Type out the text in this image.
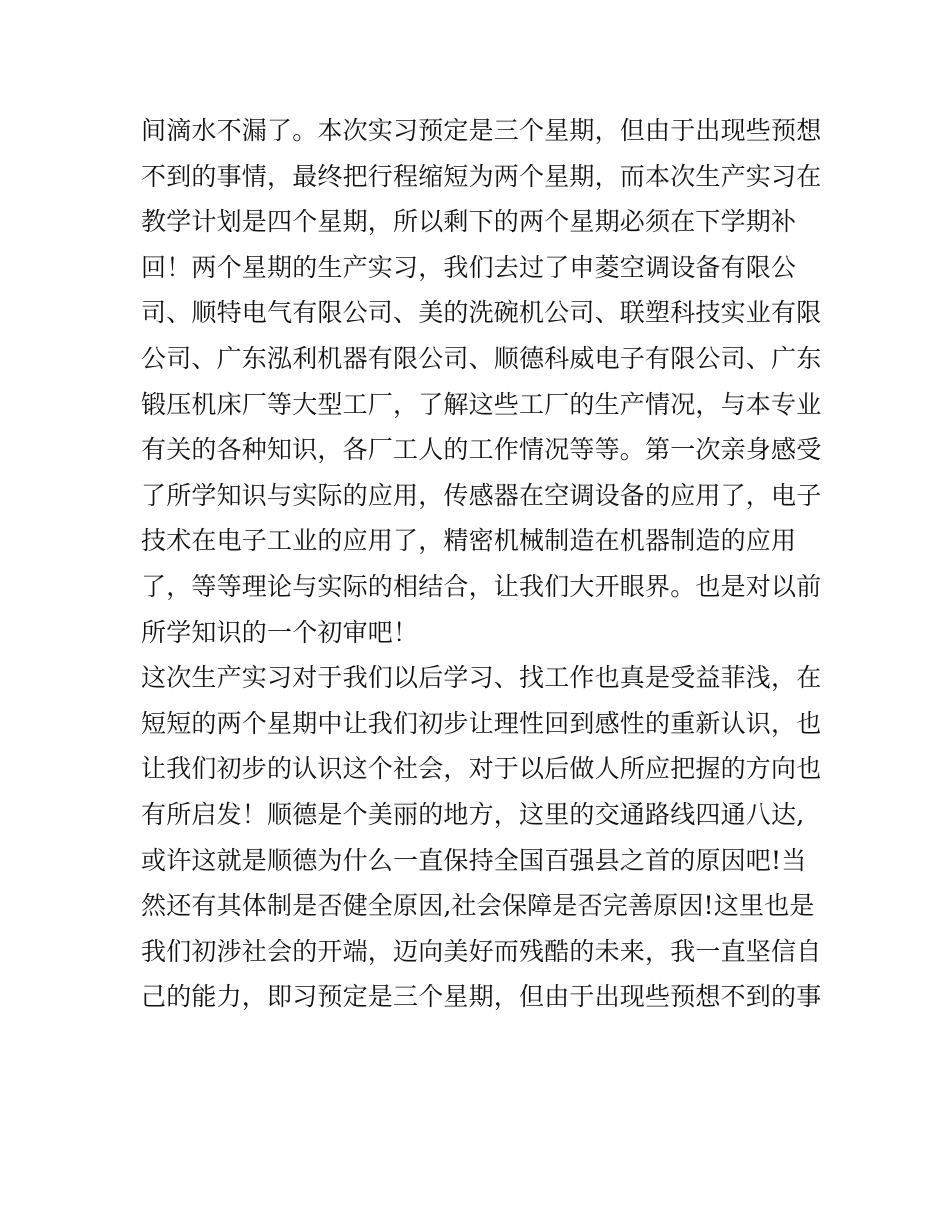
间滴水不漏了。本次实习预定是三个星期，但由于出现些预想
不到的事情，最终把行程缩短为两个星期，而本次生产实习在
教学计划是四个星期，所以剩下的两个星期必须在下学期补
回！两个星期的生产实习，我们去过了申菱空调设备有限公
司、顺特电气有限公司、美的洗碗机公司、联塑科技实业有限
公司、广东泓利机器有限公司、顺德科威电子有限公司、广东
锻压机床厂等大型工厂，了解这些工厂的生产情况，与本专业
有关的各种知识，各厂工人的工作情况等等。第一次亲身感受
了所学知识与实际的应用，传感器在空调设备的应用了，电子
技术在电子工业的应用了，精密机械制造在机器制造的应用
了，等等理论与实际的相结合，让我们大开眼界。也是对以前
所学知识的一个初审吧！
这次生产实习对于我们以后学习、找工作也真是受益菲浅，在
短短的两个星期中让我们初步让理性回到感性的重新认识，也
让我们初步的认识这个社会，对于以后做人所应把握的方向也
有所启发！顺德是个美丽的地方，这里的交通路线四通八达,
或许这就是顺德为什么一直保持全国百强县之首的原因吧!当
然还有其体制是否健全原因,社会保障是否完善原因!这里也是
我们初涉社会的开端，迈向美好而残酷的未来，我一直坚信自
己的能力，即习预定是三个星期，但由于出现些预想不到的事
